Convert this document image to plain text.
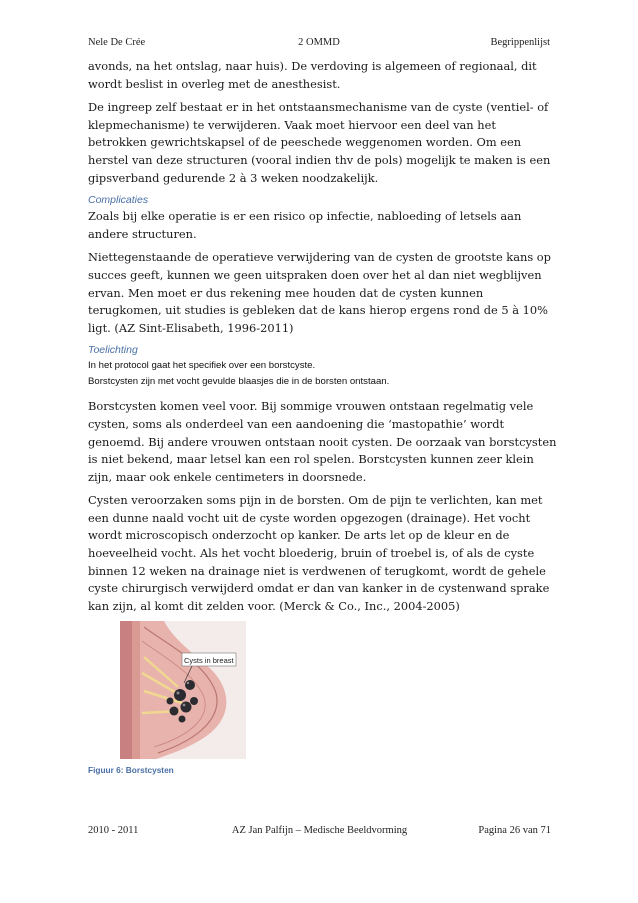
Nele De Crée	2 OMMD	Begrippenlijst

avonds, na het ontslag, naar huis). De verdoving is algemeen of regionaal, dit wordt beslist in overleg met de anesthesist.

De ingreep zelf bestaat er in het ontstaansmechanisme van de cyste (ventiel- of klepmechanisme) te verwijderen. Vaak moet hiervoor een deel van het betrokken gewrichtskapsel of de peeschede weggenomen worden. Om een herstel van deze structuren (vooral indien thv de pols) mogelijk te maken is een gipsverband gedurende 2 à 3 weken noodzakelijk.

Complicaties

Zoals bij elke operatie is er een risico op infectie, nabloeding of letsels aan andere structuren.

Niettegenstaande de operatieve verwijdering van de cysten de grootste kans op succes geeft, kunnen we geen uitspraken doen over het al dan niet wegblijven ervan. Men moet er dus rekening mee houden dat de cysten kunnen terugkomen, uit studies is gebleken dat de kans hierop ergens rond de 5 à 10% ligt. (AZ Sint-Elisabeth, 1996-2011)

Toelichting

In het protocol gaat het specifiek over een borstcyste.

Borstcysten zijn met vocht gevulde blaasjes die in de borsten ontstaan.

Borstcysten komen veel voor. Bij sommige vrouwen ontstaan regelmatig vele cysten, soms als onderdeel van een aandoening die ‘mastopathie’ wordt genoemd. Bij andere vrouwen ontstaan nooit cysten. De oorzaak van borstcysten is niet bekend, maar letsel kan een rol spelen. Borstcysten kunnen zeer klein zijn, maar ook enkele centimeters in doorsnede.

Cysten veroorzaken soms pijn in de borsten. Om de pijn te verlichten, kan met een dunne naald vocht uit de cyste worden opgezogen (drainage). Het vocht wordt microscopisch onderzocht op kanker. De arts let op de kleur en de hoeveelheid vocht. Als het vocht bloederig, bruin of troebel is, of als de cyste binnen 12 weken na drainage niet is verdwenen of terugkomt, wordt de gehele cyste chirurgisch verwijderd omdat er dan van kanker in de cystenwand sprake kan zijn, al komt dit zelden voor. (Merck & Co., Inc., 2004-2005)

Cysts in breast
Figuur 6: Borstcysten
2010 - 2011	AZ Jan Palfijn – Medische Beeldvorming	Pagina 26 van 71
